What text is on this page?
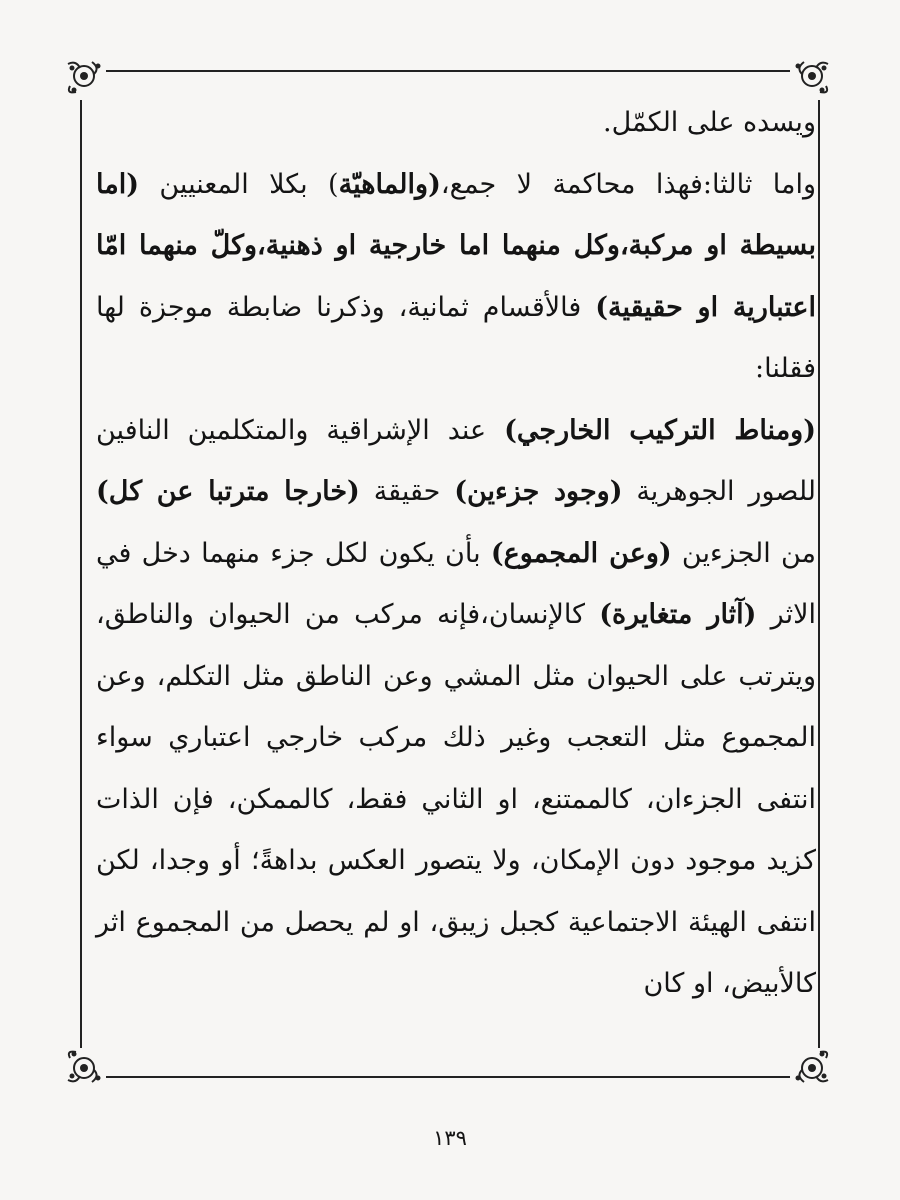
ويسده على الكمّل.

واما ثالثا:فهذا محاكمة لا جمع،(والماهيّة) بكلا المعنيين (اما بسيطة او مركبة،وكل منهما اما خارجية او ذهنية،وكلّ منهما امّا اعتبارية او حقيقية) فالأقسام ثمانية، وذكرنا ضابطة موجزة لها فقلنا:

(ومناط التركيب الخارجي) عند الإشراقية والمتكلمين النافين للصور الجوهرية (وجود جزءين) حقيقة (خارجا مترتبا عن كل) من الجزءين (وعن المجموع) بأن يكون لكل جزء منهما دخل في الاثر (آثار متغايرة) كالإنسان،فإنه مركب من الحيوان والناطق، ويترتب على الحيوان مثل المشي وعن الناطق مثل التكلم، وعن المجموع مثل التعجب وغير ذلك مركب خارجي اعتباري سواء انتفى الجزءان، كالممتنع، او الثاني فقط، كالممكن، فإن الذات كزيد موجود دون الإمكان، ولا يتصور العكس بداهةً؛ أو وجدا، لكن انتفى الهيئة الاجتماعية كجبل زيبق، او لم يحصل من المجموع اثر كالأبيض، او كان

١٣٩
